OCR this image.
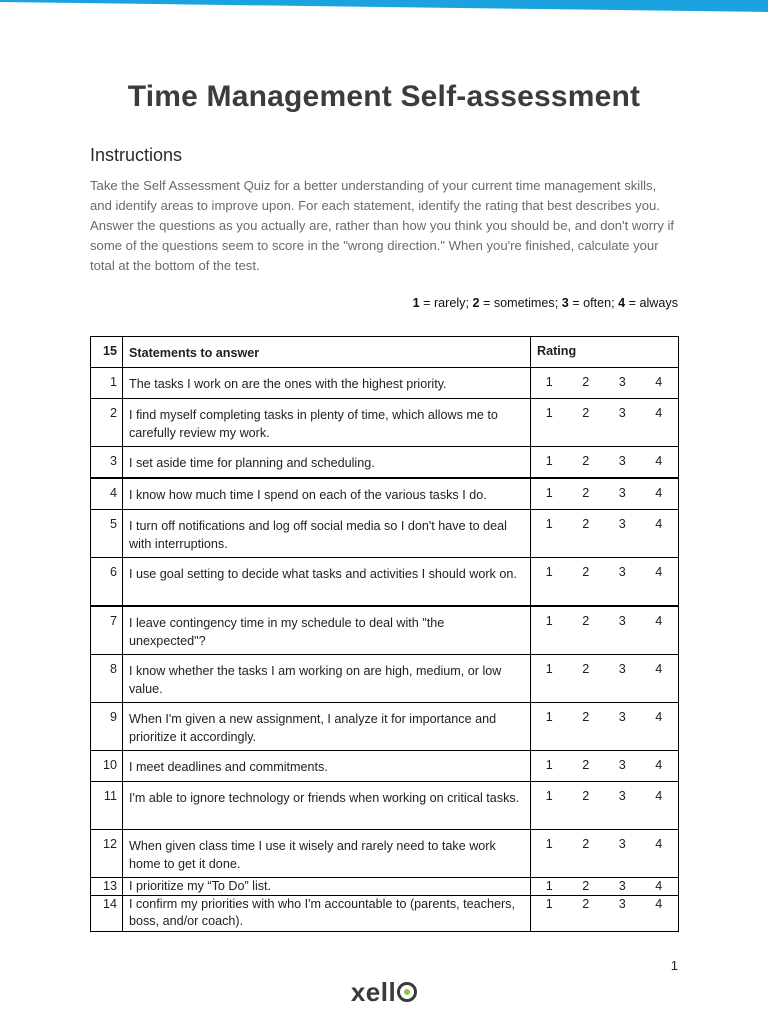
Time Management Self-assessment
Instructions

Take the Self Assessment Quiz for a better understanding of your current time management skills, and identify areas to improve upon. For each statement, identify the rating that best describes you. Answer the questions as you actually are, rather than how you think you should be, and don't worry if some of the questions seem to score in the "wrong direction." When you're finished, calculate your total at the bottom of the test.

1 = rarely; 2 = sometimes; 3 = often; 4 = always

15	Statements to answer	Rating

1	The tasks I work on are the ones with the highest priority.	1 2 3 4

2	I find myself completing tasks in plenty of time, which allows me to carefully review my work.	1 2 3 4

3	I set aside time for planning and scheduling.	1 2 3 4

4	I know how much time I spend on each of the various tasks I do.	1 2 3 4

5	I turn off notifications and log off social media so I don't have to deal with interruptions.	1 2 3 4

6	I use goal setting to decide what tasks and activities I should work on.	1 2 3 4

7	I leave contingency time in my schedule to deal with "the unexpected"?	1 2 3 4

8	I know whether the tasks I am working on are high, medium, or low value.	1 2 3 4

9	When I'm given a new assignment, I analyze it for importance and prioritize it accordingly.	1 2 3 4

10	I meet deadlines and commitments.	1 2 3 4

11	I'm able to ignore technology or friends when working on critical tasks.	1 2 3 4

12	When given class time I use it wisely and rarely need to take work home to get it done.	1 2 3 4

13	I prioritize my “To Do” list.	1 2 3 4

14	I confirm my priorities with who I'm accountable to (parents, teachers, boss, and/or coach).	1 2 3 4
1
xell
